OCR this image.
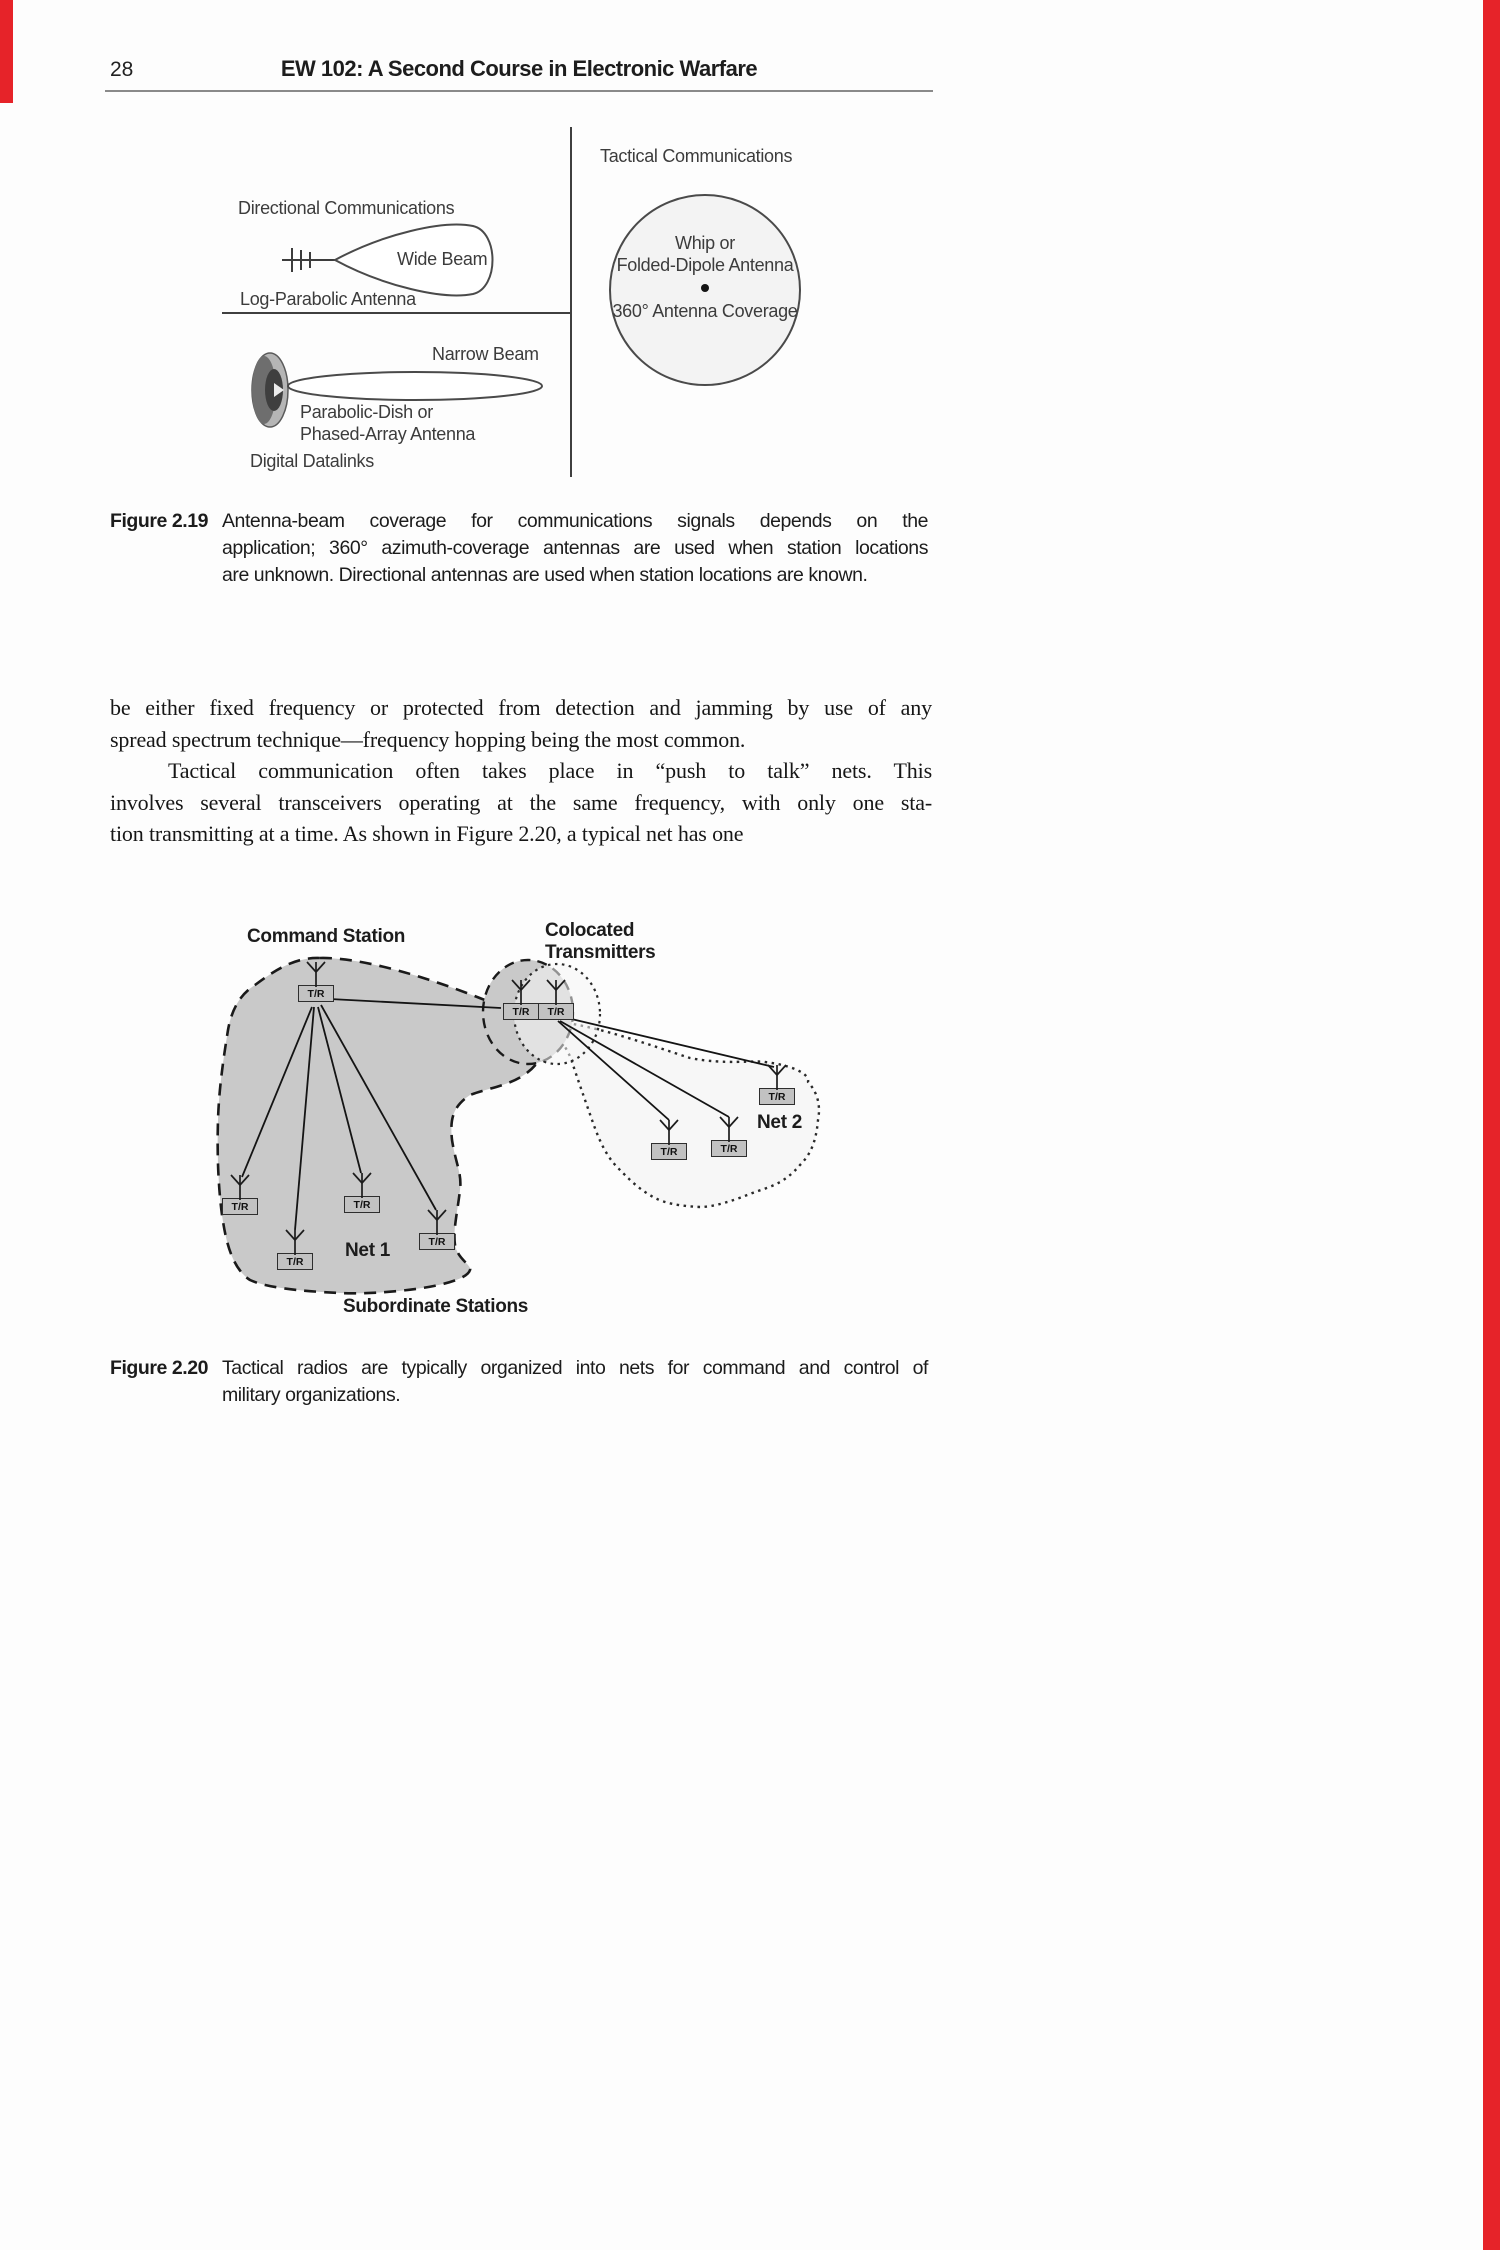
28	EW 102: A Second Course in Electronic Warfare
Tactical Communications
Whip or
Folded-Dipole Antenna
360° Antenna Coverage
Directional Communications
Wide Beam
Log-Parabolic Antenna
Narrow Beam
Parabolic-Dish or
Phased-Array Antenna
Digital Datalinks
Figure 2.19 Antenna-beam coverage for communications signals depends on the
application; 360° azimuth-coverage antennas are used when station locations
are unknown. Directional antennas are used when station locations are known.
be either fixed frequency or protected from detection and jamming by use of any
spread spectrum technique—frequency hopping being the most common.
Tactical communication often takes place in “push to talk” nets. This
involves several transceivers operating at the same frequency, with only one sta-
tion transmitting at a time. As shown in Figure 2.20, a typical net has one
T/R
T/R T/R
T/R
T/R
T/R
T/R	T/R
T/R
T/R
Command Station	Colocated
Transmitters
Net 1
Net 2
Subordinate Stations
Figure 2.20 Tactical radios are typically organized into nets for command and control of
military organizations.
